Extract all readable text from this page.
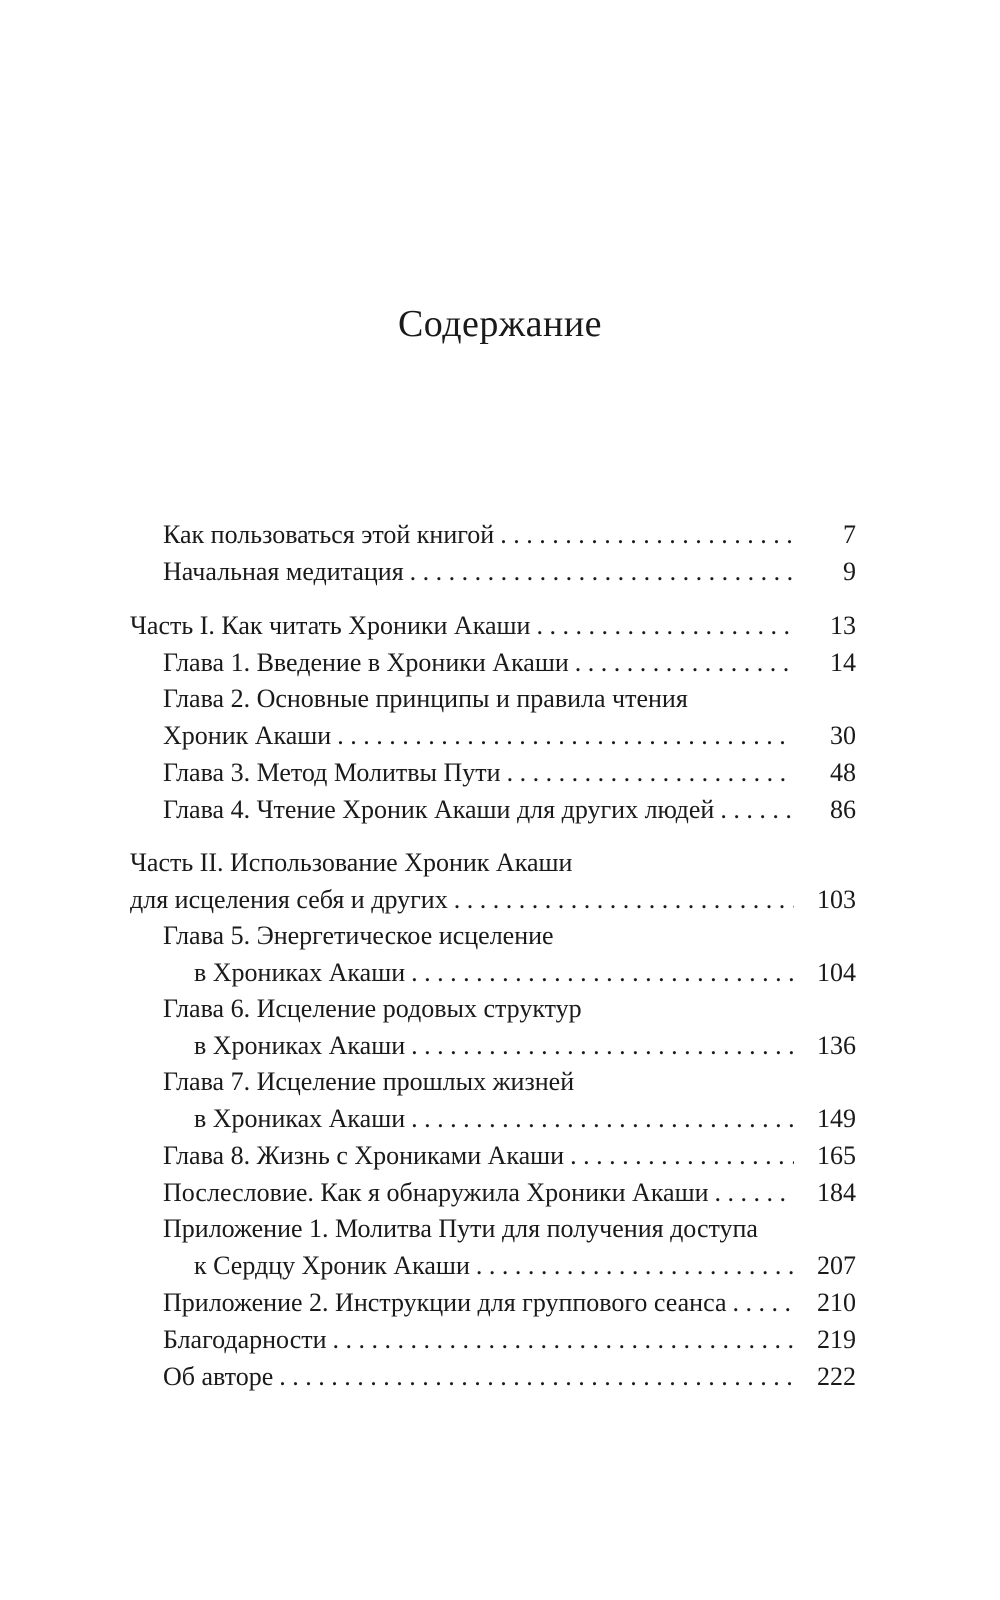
Содержание
Как пользоваться этой книгой . . .	7
Начальная медитация . . .	9
Часть I. Как читать Хроники Акаши . . .	13
Глава 1. Введение в Хроники Акаши . . .	14
Глава 2. Основные принципы и правила чтения
Хроник Акаши . . .	30
Глава 3. Метод Молитвы Пути . . .	48
Глава 4. Чтение Хроник Акаши для других людей . . .	86
Часть II. Использование Хроник Акаши
для исцеления себя и других . . .	103
Глава 5. Энергетическое исцеление
в Хрониках Акаши . . .	104
Глава 6. Исцеление родовых структур
в Хрониках Акаши . . .	136
Глава 7. Исцеление прошлых жизней
в Хрониках Акаши . . .	149
Глава 8. Жизнь с Хрониками Акаши . . .	165
Послесловие. Как я обнаружила Хроники Акаши . . .	184
Приложение 1. Молитва Пути для получения доступа
к Сердцу Хроник Акаши . . .	207
Приложение 2. Инструкции для группового сеанса . . .	210
Благодарности . . .	219
Об авторе . . .	222
